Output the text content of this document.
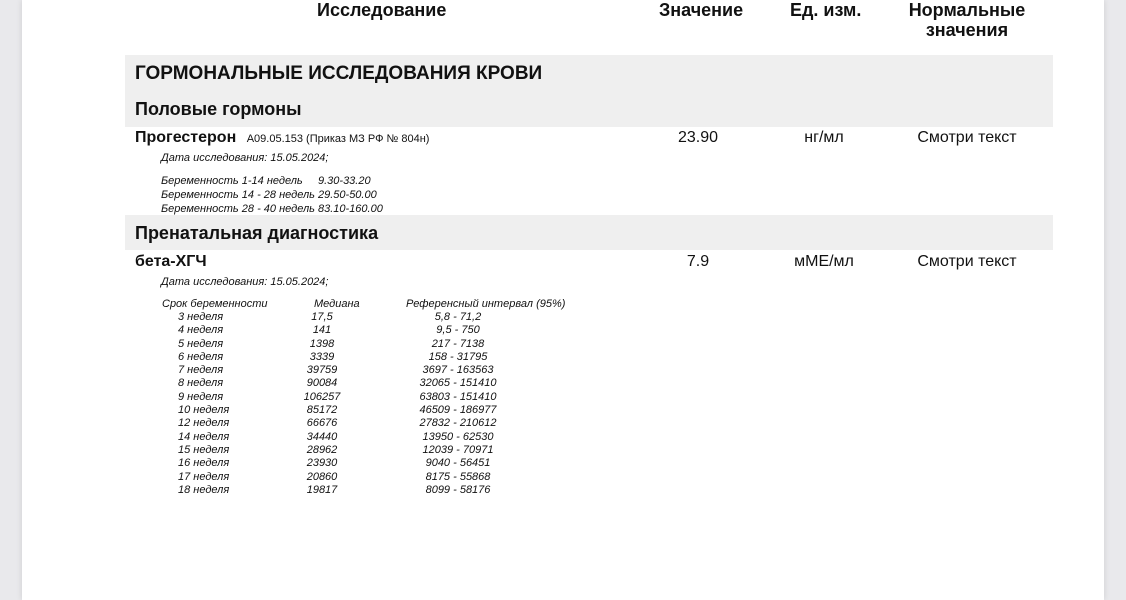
Исследование	Значение	Ед. изм.	Нормальные
значения
ГОРМОНАЛЬНЫЕ ИССЛЕДОВАНИЯ КРОВИ
Половые гормоны
Прогестерон A09.05.153 (Приказ МЗ РФ № 804н)	23.90	нг/мл	Смотри текст
Дата исследования: 15.05.2024;
Беременность 1-14 недель     9.30-33.20
Беременность 14 - 28 недель 29.50-50.00
Беременность 28 - 40 недель 83.10-160.00
Пренатальная диагностика
бета-ХГЧ	7.9	мМЕ/мл	Смотри текст
Дата исследования: 15.05.2024;
Срок беременности	Медиана	Референсный интервал (95%)
3 неделя	17,5	5,8 - 71,2
4 неделя	141	9,5 - 750
5 неделя	1398	217 - 7138
6 неделя	3339	158 - 31795
7 неделя	39759	3697 - 163563
8 неделя	90084	32065 - 151410
9 неделя	106257	63803 - 151410
10 неделя	85172	46509 - 186977
12 неделя	66676	27832 - 210612
14 неделя	34440	13950 - 62530
15 неделя	28962	12039 - 70971
16 неделя	23930	9040 - 56451
17 неделя	20860	8175 - 55868
18 неделя	19817	8099 - 58176
